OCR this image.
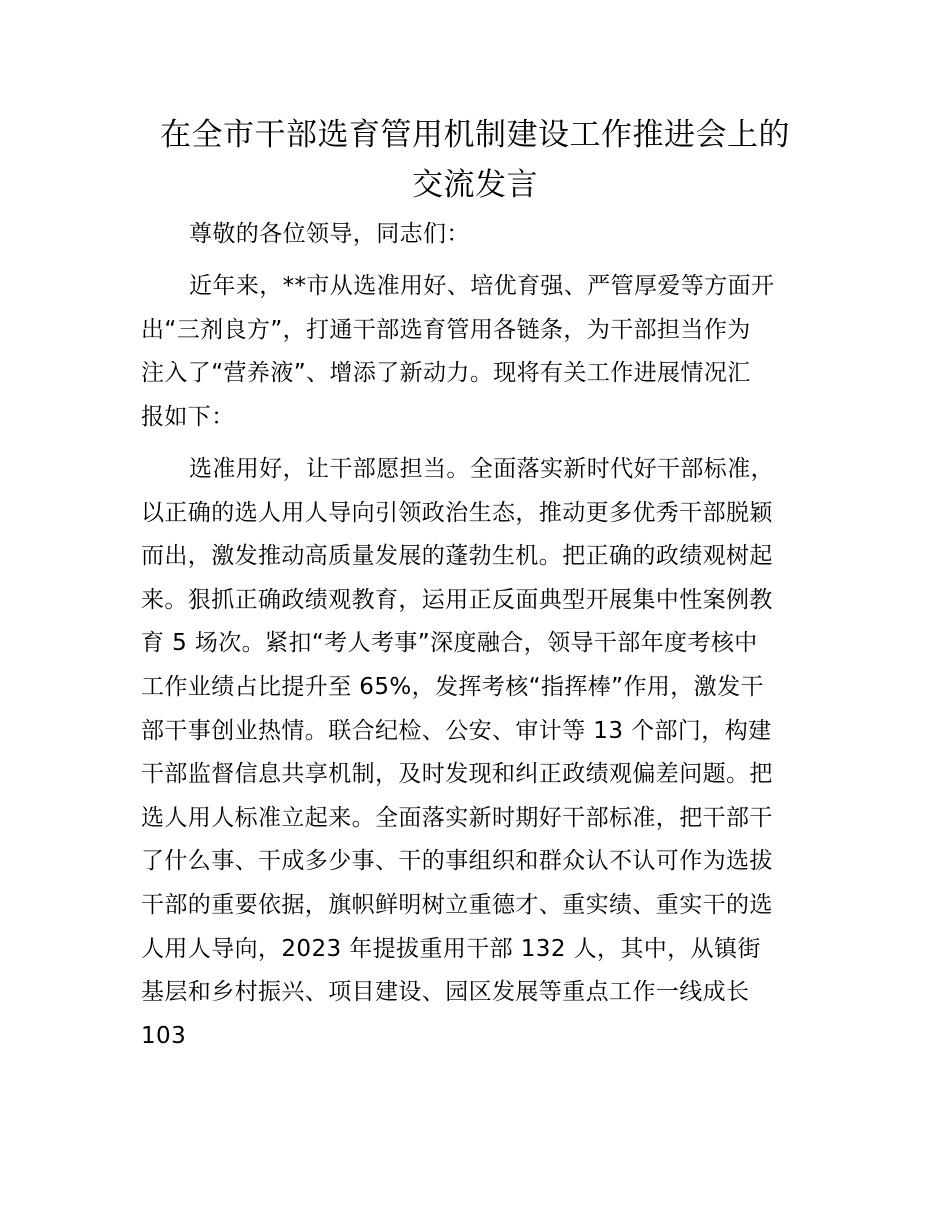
在全市干部选育管用机制建设工作推进会上的
交流发言

尊敬的各位领导，同志们：

近年来，**市从选准用好、培优育强、严管厚爱等方面开
出“三剂良方”，打通干部选育管用各链条，为干部担当作为
注入了“营养液”、增添了新动力。现将有关工作进展情况汇
报如下：

选准用好，让干部愿担当。全面落实新时代好干部标准，
以正确的选人用人导向引领政治生态，推动更多优秀干部脱颖
而出，激发推动高质量发展的蓬勃生机。把正确的政绩观树起
来。狠抓正确政绩观教育，运用正反面典型开展集中性案例教
育 5 场次。紧扣“考人考事”深度融合，领导干部年度考核中
工作业绩占比提升至 65%，发挥考核“指挥棒”作用，激发干
部干事创业热情。联合纪检、公安、审计等 13 个部门，构建
干部监督信息共享机制，及时发现和纠正政绩观偏差问题。把
选人用人标准立起来。全面落实新时期好干部标准，把干部干
了什么事、干成多少事、干的事组织和群众认不认可作为选拔
干部的重要依据，旗帜鲜明树立重德才、重实绩、重实干的选
人用人导向，2023 年提拔重用干部 132 人，其中，从镇街
基层和乡村振兴、项目建设、园区发展等重点工作一线成长
103
